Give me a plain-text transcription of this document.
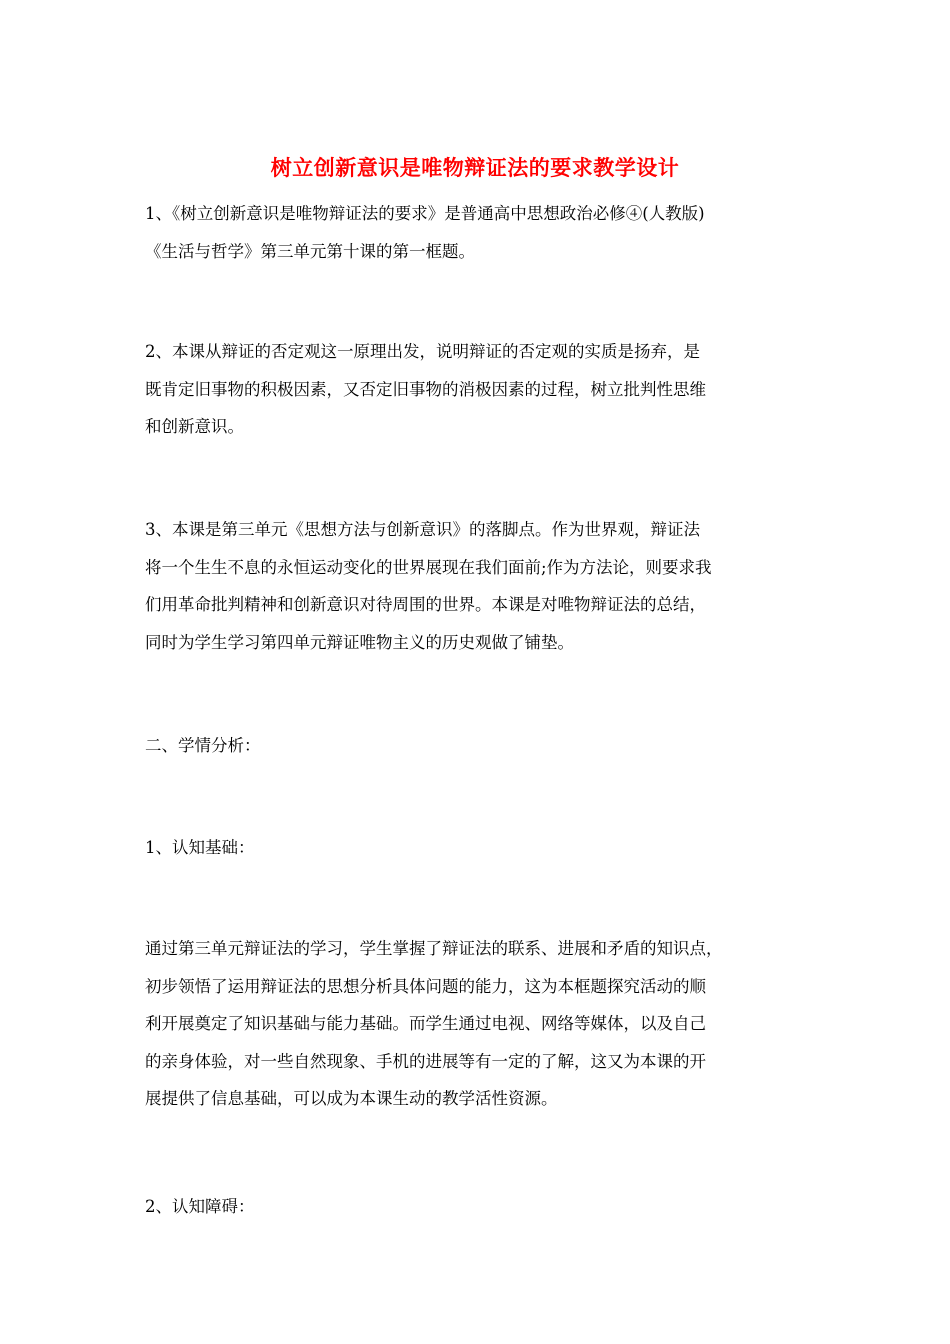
树立创新意识是唯物辩证法的要求教学设计

1、《树立创新意识是唯物辩证法的要求》是普通高中思想政治必修④(人教版)
《生活与哲学》第三单元第十课的第一框题。

2、本课从辩证的否定观这一原理出发，说明辩证的否定观的实质是扬弃，是
既肯定旧事物的积极因素，又否定旧事物的消极因素的过程，树立批判性思维
和创新意识。

3、本课是第三单元《思想方法与创新意识》的落脚点。作为世界观，辩证法
将一个生生不息的永恒运动变化的世界展现在我们面前;作为方法论，则要求我
们用革命批判精神和创新意识对待周围的世界。本课是对唯物辩证法的总结，
同时为学生学习第四单元辩证唯物主义的历史观做了铺垫。

二、学情分析：

1、认知基础：

通过第三单元辩证法的学习，学生掌握了辩证法的联系、进展和矛盾的知识点，
初步领悟了运用辩证法的思想分析具体问题的能力，这为本框题探究活动的顺
利开展奠定了知识基础与能力基础。而学生通过电视、网络等媒体，以及自己
的亲身体验，对一些自然现象、手机的进展等有一定的了解，这又为本课的开
展提供了信息基础，可以成为本课生动的教学活性资源。

2、认知障碍：
